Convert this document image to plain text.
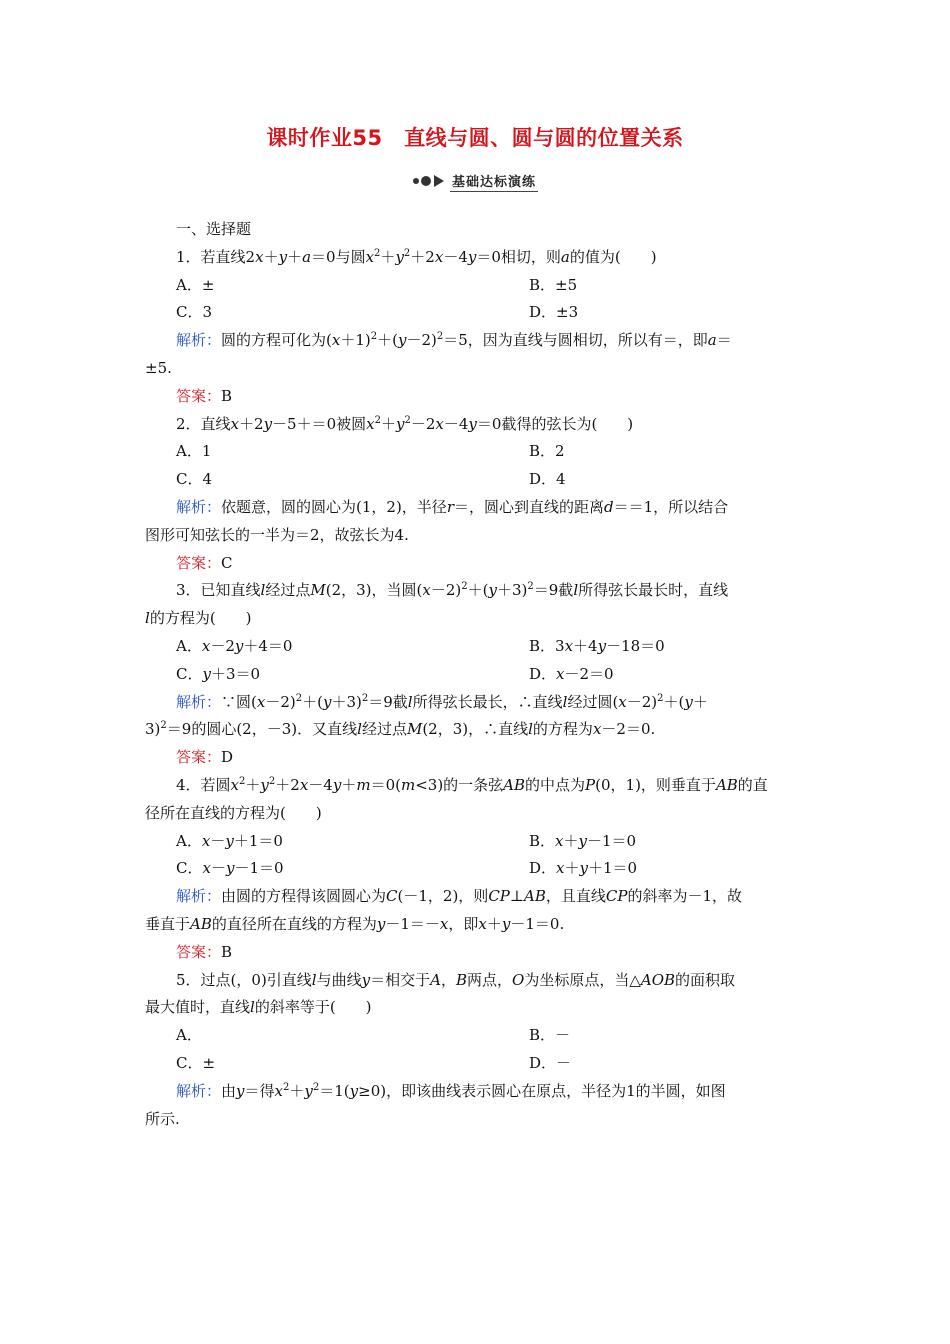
课时作业55　直线与圆、圆与圆的位置关系
基础达标演练
一、选择题
1．若直线2x＋y＋a＝0与圆$x^2+y^2+2x-4y=0$相切，则a的值为(　　)
A．±	B．±5
C．3	D．±3
解析：圆的方程可化为$(x+1)^2+(y-2)^2=5$，因为直线与圆相切，所以有＝，即a＝
±5.
答案：B
2．直线x＋2y－5＋＝0被圆$x^2+y^2-2x-4y=0$截得的弦长为(　　)
A．1	B．2
C．4	D．4
解析：依题意，圆的圆心为(1，2)，半径r＝，圆心到直线的距离d＝＝1，所以结合
图形可知弦长的一半为＝2，故弦长为4.
答案：C
3．已知直线l经过点M(2，3)，当圆$(x-2)^2+(y+3)^2=9$截l所得弦长最长时，直线
l的方程为(　　)
A．x－2y＋4＝0	B．3x＋4y－18＝0
C．y＋3＝0	D．x－2＝0
解析：∵圆$(x-2)^2+(y+3)^2=9$截l所得弦长最长，∴直线l经过圆$(x-2)^2+(y+$
3)$^2$＝9的圆心(2，－3)．又直线l经过点M(2，3)，∴直线l的方程为x－2＝0.
答案：D
4．若圆$x^2+y^2+2x-4y+m=0(m<3)$的一条弦AB的中点为P(0，1)，则垂直于AB的直
径所在直线的方程为(　　)
A．x－y＋1＝0	B．x＋y－1＝0
C．x－y－1＝0	D．x＋y＋1＝0
解析：由圆的方程得该圆圆心为C(－1，2)，则CP⊥AB，且直线CP的斜率为－1，故
垂直于AB的直径所在直线的方程为y－1＝－x，即x＋y－1＝0.
答案：B
5．过点(，0)引直线l与曲线y＝相交于A，B两点，O为坐标原点，当△AOB的面积取
最大值时，直线l的斜率等于(　　)
A．	B．－
C．±	D．－
解析：由y＝得$x^2+y^2=1(y\ge 0)$，即该曲线表示圆心在原点，半径为1的半圆，如图
所示.
